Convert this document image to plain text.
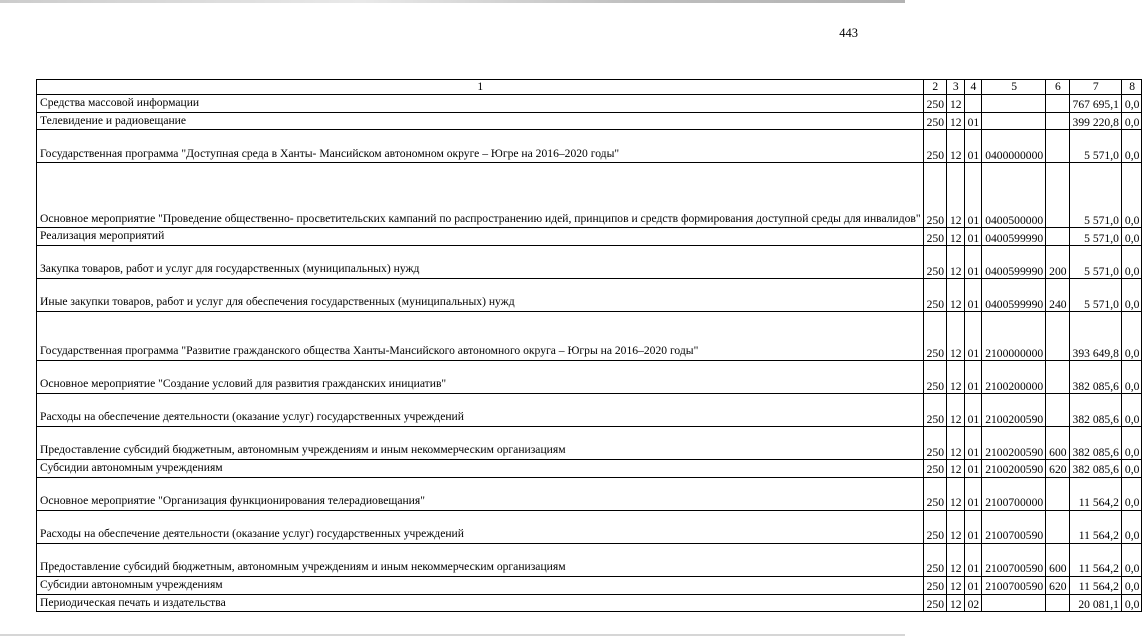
443
1	2	3	4	5	6	7	8
Средства массовой информации	250	12				767 695,1	0,0
Телевидение и радиовещание	250	12	01			399 220,8	0,0
Государственная программа "Доступная среда в Ханты- Мансийском автономном округе – Югре на 2016–2020 годы"	250	12	01	0400000000		5 571,0	0,0
Основное мероприятие "Проведение общественно- просветительских кампаний по распространению идей, принципов и средств формирования доступной среды для инвалидов"	250	12	01	0400500000		5 571,0	0,0
Реализация мероприятий	250	12	01	0400599990		5 571,0	0,0
Закупка товаров, работ и услуг для государственных (муниципальных) нужд	250	12	01	0400599990	200	5 571,0	0,0
Иные закупки товаров, работ и услуг для обеспечения государственных (муниципальных) нужд	250	12	01	0400599990	240	5 571,0	0,0
Государственная программа "Развитие гражданского общества Ханты-Мансийского автономного округа – Югры на 2016–2020 годы"	250	12	01	2100000000		393 649,8	0,0
Основное мероприятие "Создание условий для развития гражданских инициатив"	250	12	01	2100200000		382 085,6	0,0
Расходы на обеспечение деятельности (оказание услуг) государственных учреждений	250	12	01	2100200590		382 085,6	0,0
Предоставление субсидий бюджетным, автономным учреждениям и иным некоммерческим организациям	250	12	01	2100200590	600	382 085,6	0,0
Субсидии автономным учреждениям	250	12	01	2100200590	620	382 085,6	0,0
Основное мероприятие "Организация функционирования телерадиовещания"	250	12	01	2100700000		11 564,2	0,0
Расходы на обеспечение деятельности (оказание услуг) государственных учреждений	250	12	01	2100700590		11 564,2	0,0
Предоставление субсидий бюджетным, автономным учреждениям и иным некоммерческим организациям	250	12	01	2100700590	600	11 564,2	0,0
Субсидии автономным учреждениям	250	12	01	2100700590	620	11 564,2	0,0
Периодическая печать и издательства	250	12	02			20 081,1	0,0
